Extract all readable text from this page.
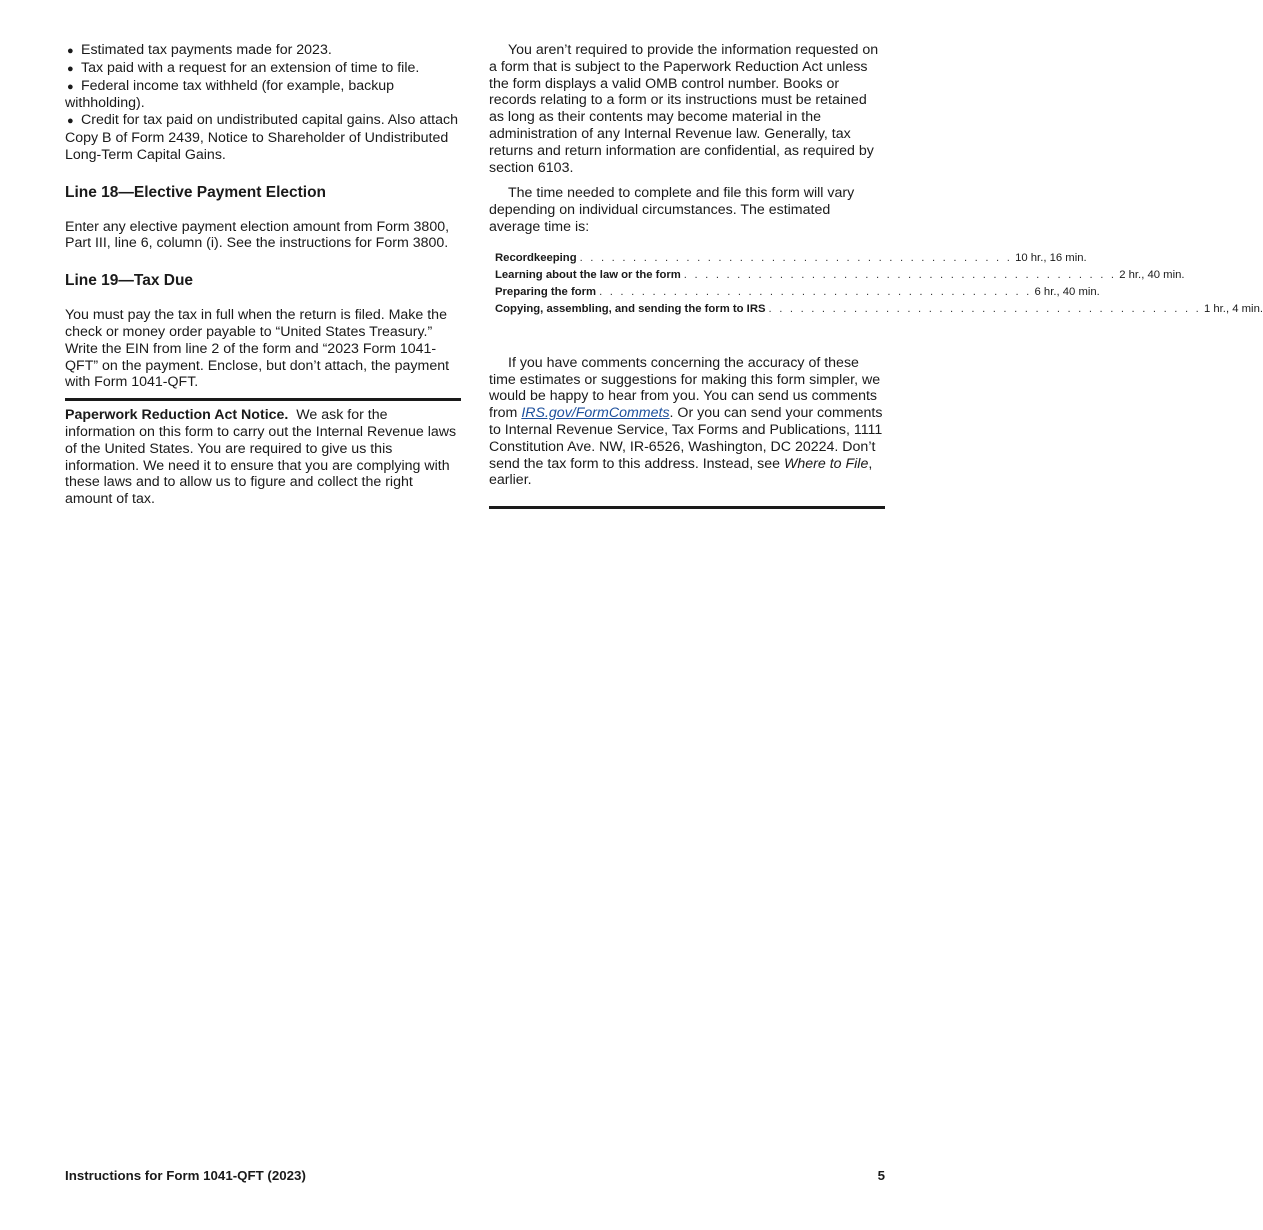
● Estimated tax payments made for 2023.

● Tax paid with a request for an extension of time to file.

● Federal income tax withheld (for example, backup withholding).

● Credit for tax paid on undistributed capital gains. Also attach Copy B of Form 2439, Notice to Shareholder of Undistributed Long-Term Capital Gains.

Line 18—Elective Payment Election

Enter any elective payment election amount from Form 3800, Part III, line 6, column (i). See the instructions for Form 3800.

Line 19—Tax Due

You must pay the tax in full when the return is filed. Make the check or money order payable to “United States Treasury.” Write the EIN from line 2 of the form and “2023 Form 1041-QFT” on the payment. Enclose, but don’t attach, the payment with Form 1041-QFT.

Paperwork Reduction Act Notice. We ask for the information on this form to carry out the Internal Revenue laws of the United States. You are required to give us this information. We need it to ensure that you are complying with these laws and to allow us to figure and collect the right amount of tax.

You aren’t required to provide the information requested on a form that is subject to the Paperwork Reduction Act unless the form displays a valid OMB control number. Books or records relating to a form or its instructions must be retained as long as their contents may become material in the administration of any Internal Revenue law. Generally, tax returns and return information are confidential, as required by section 6103.

The time needed to complete and file this form will vary depending on individual circumstances. The estimated average time is:

Recordkeeping . . . . . . . . . . . . . . . . . . . . . . . . . . . . . . . . . . . . . . . . . 10 hr., 16 min.
Learning about the law or the form . . . . . . . . . . . . . . . . . . . . . . . . . . . . . . . . . . . . . . . . . 2 hr., 40 min.
Preparing the form . . . . . . . . . . . . . . . . . . . . . . . . . . . . . . . . . . . . . . . . . 6 hr., 40 min.
Copying, assembling, and sending the form to IRS . . . . . . . . . . . . . . . . . . . . . . . . . . . . . . . . . . . . . . . . . 1 hr., 4 min.

If you have comments concerning the accuracy of these time estimates or suggestions for making this form simpler, we would be happy to hear from you. You can send us comments from IRS.gov/FormCommets. Or you can send your comments to Internal Revenue Service, Tax Forms and Publications, 1111 Constitution Ave. NW, IR-6526, Washington, DC 20224. Don’t send the tax form to this address. Instead, see Where to File, earlier.

Instructions for Form 1041-QFT (2023)	5
